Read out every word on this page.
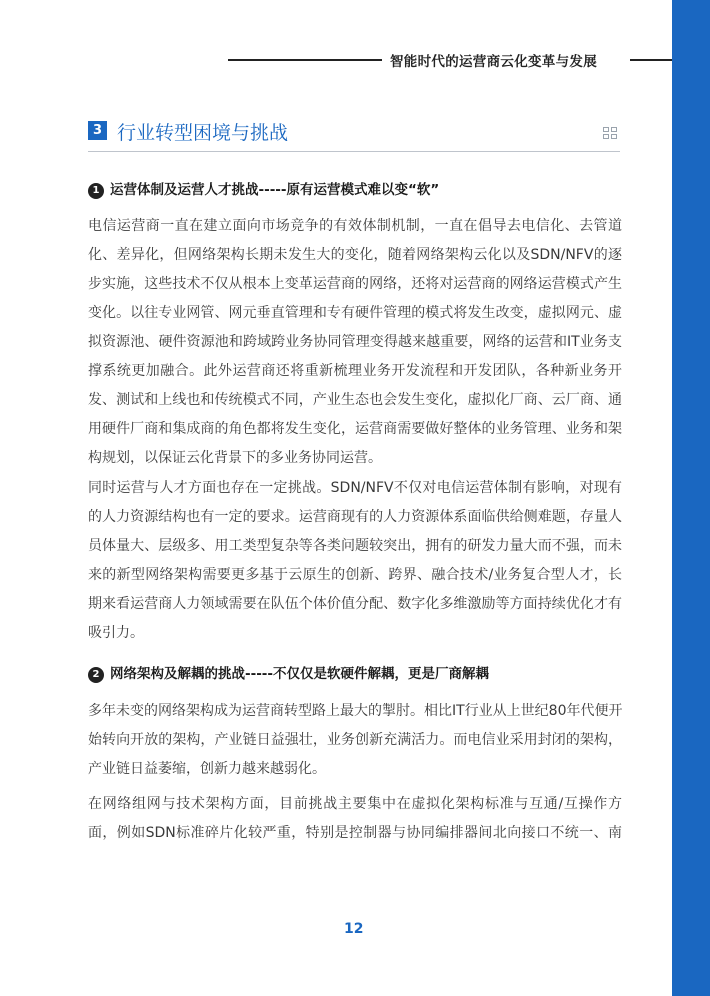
智能时代的运营商云化变革与发展
3 行业转型困境与挑战
1 运营体制及运营人才挑战-----原有运营模式难以变“软”
电信运营商一直在建立面向市场竞争的有效体制机制，一直在倡导去电信化、去管道
化、差异化，但网络架构长期未发生大的变化，随着网络架构云化以及SDN/NFV的逐
步实施，这些技术不仅从根本上变革运营商的网络，还将对运营商的网络运营模式产生
变化。以往专业网管、网元垂直管理和专有硬件管理的模式将发生改变，虚拟网元、虚
拟资源池、硬件资源池和跨域跨业务协同管理变得越来越重要，网络的运营和IT业务支
撑系统更加融合。此外运营商还将重新梳理业务开发流程和开发团队，各种新业务开
发、测试和上线也和传统模式不同，产业生态也会发生变化，虚拟化厂商、云厂商、通
用硬件厂商和集成商的角色都将发生变化，运营商需要做好整体的业务管理、业务和架
构规划，以保证云化背景下的多业务协同运营。
同时运营与人才方面也存在一定挑战。SDN/NFV不仅对电信运营体制有影响，对现有
的人力资源结构也有一定的要求。运营商现有的人力资源体系面临供给侧难题，存量人
员体量大、层级多、用工类型复杂等各类问题较突出，拥有的研发力量大而不强，而未
来的新型网络架构需要更多基于云原生的创新、跨界、融合技术/业务复合型人才，长
期来看运营商人力领域需要在队伍个体价值分配、数字化多维激励等方面持续优化才有
吸引力。
2 网络架构及解耦的挑战-----不仅仅是软硬件解耦，更是厂商解耦
多年未变的网络架构成为运营商转型路上最大的掣肘。相比IT行业从上世纪80年代便开
始转向开放的架构，产业链日益强壮，业务创新充满活力。而电信业采用封闭的架构，
产业链日益萎缩，创新力越来越弱化。
在网络组网与技术架构方面，目前挑战主要集中在虚拟化架构标准与互通/互操作方
面，例如SDN标准碎片化较严重，特别是控制器与协同编排器间北向接口不统一、南
12
